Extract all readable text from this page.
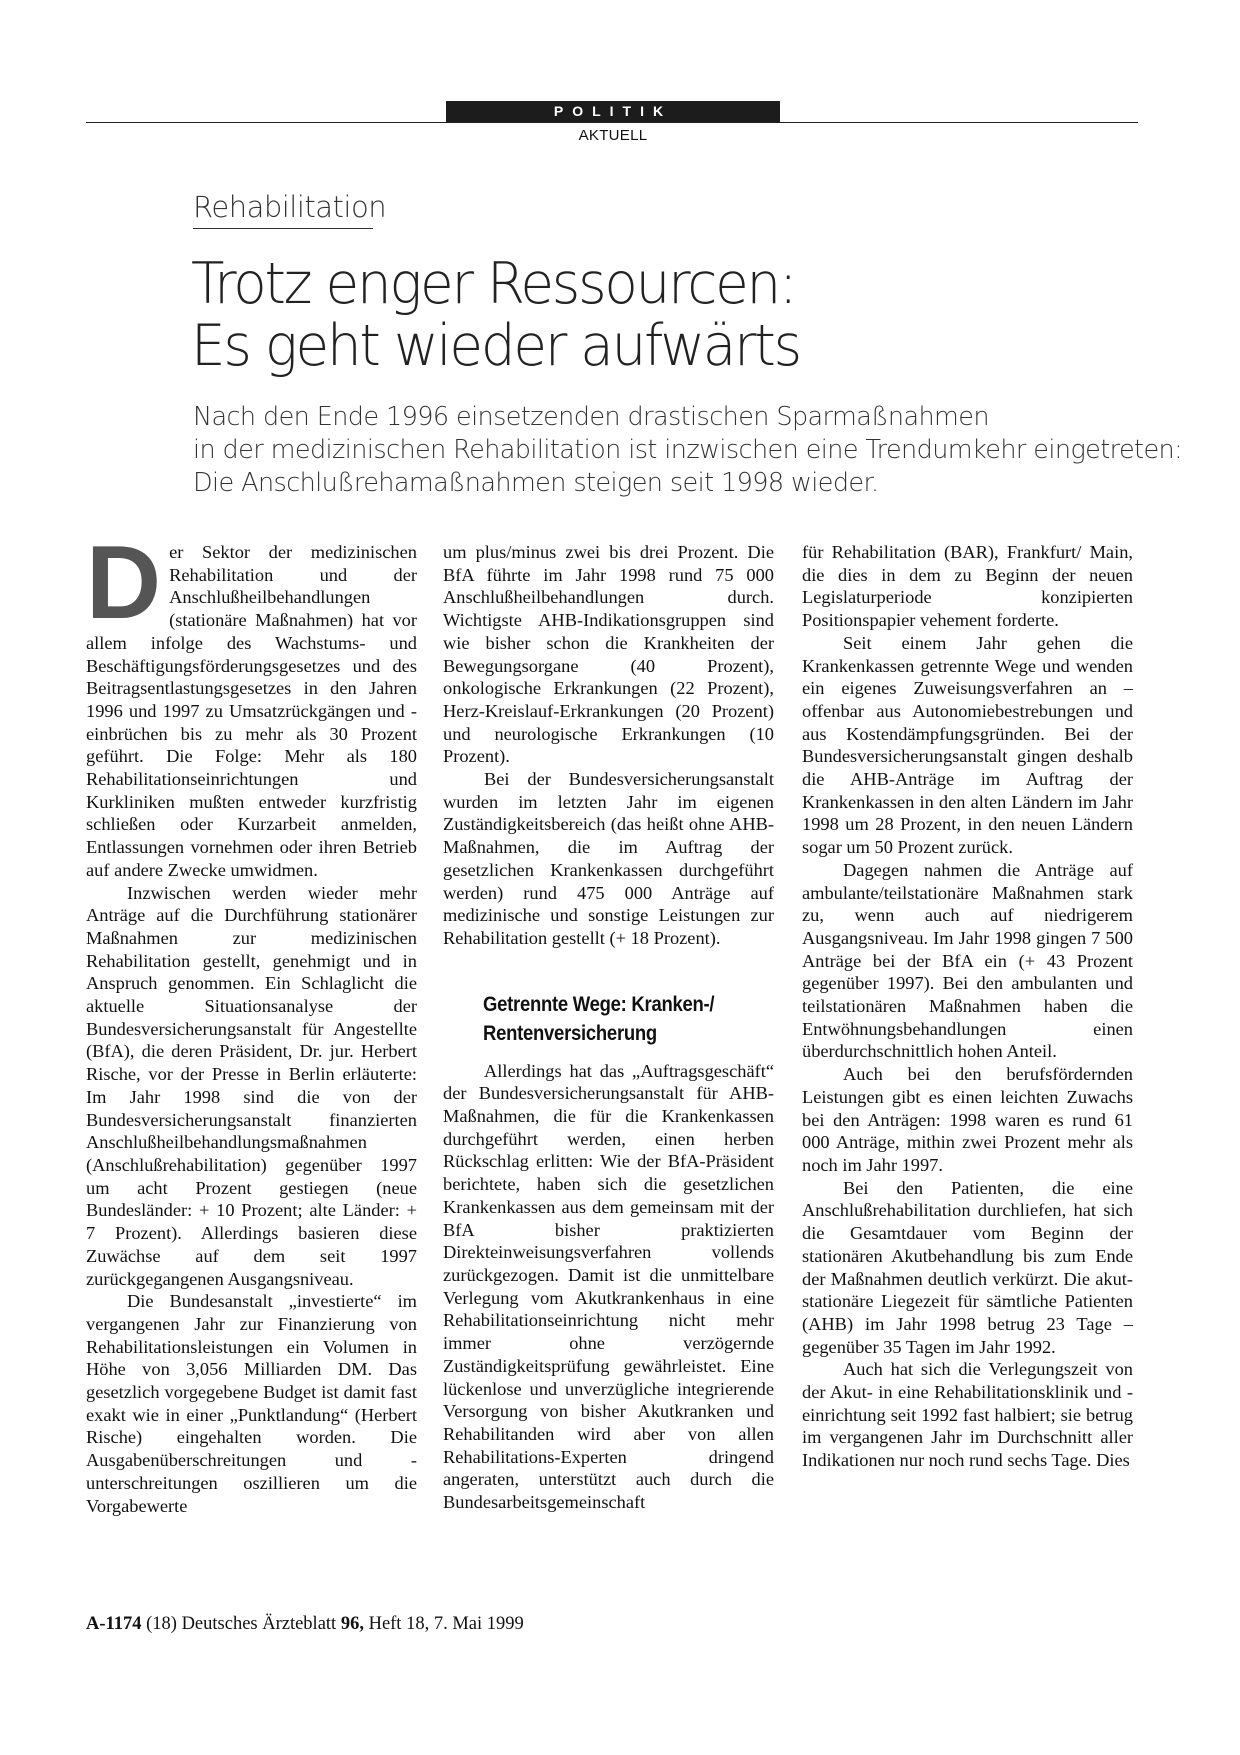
POLITIK
AKTUELL
Rehabilitation
Trotz enger Ressourcen:
Es geht wieder aufwärts
Nach den Ende 1996 einsetzenden drastischen Sparmaßnahmen
in der medizinischen Rehabilitation ist inzwischen eine Trendumkehr eingetreten:
Die Anschlußrehamaßnahmen steigen seit 1998 wieder.

Der Sektor der medizinischen Rehabilitation und der Anschlußheilbehandlungen (stationäre Maßnahmen) hat vor allem infolge des Wachstums- und Beschäftigungsförderungsgesetzes und des Beitragsentlastungsgesetzes in den Jahren 1996 und 1997 zu Umsatzrückgängen und -einbrüchen bis zu mehr als 30 Prozent geführt. Die Folge: Mehr als 180 Rehabilitationseinrichtungen und Kurkliniken mußten entweder kurzfristig schließen oder Kurzarbeit anmelden, Entlassungen vornehmen oder ihren Betrieb auf andere Zwecke umwidmen.

Inzwischen werden wieder mehr Anträge auf die Durchführung stationärer Maßnahmen zur medizinischen Rehabilitation gestellt, genehmigt und in Anspruch genommen. Ein Schlaglicht die aktuelle Situationsanalyse der Bundesversicherungsanstalt für Angestellte (BfA), die deren Präsident, Dr. jur. Herbert Rische, vor der Presse in Berlin erläuterte: Im Jahr 1998 sind die von der Bundesversicherungsanstalt finanzierten Anschlußheilbehandlungsmaßnahmen (Anschlußrehabilitation) gegenüber 1997 um acht Prozent gestiegen (neue Bundesländer: + 10 Prozent; alte Länder: + 7 Prozent). Allerdings basieren diese Zuwächse auf dem seit 1997 zurückgegangenen Ausgangsniveau.

Die Bundesanstalt „investierte“ im vergangenen Jahr zur Finanzierung von Rehabilitationsleistungen ein Volumen in Höhe von 3,056 Milliarden DM. Das gesetzlich vorgegebene Budget ist damit fast exakt wie in einer „Punktlandung“ (Herbert Rische) eingehalten worden. Die Ausgabenüberschreitungen und -unterschreitungen oszillieren um die Vorgabewerte

um plus/minus zwei bis drei Prozent. Die BfA führte im Jahr 1998 rund 75 000 Anschlußheilbehandlungen durch. Wichtigste AHB-Indikationsgruppen sind wie bisher schon die Krankheiten der Bewegungsorgane (40 Prozent), onkologische Erkrankungen (22 Prozent), Herz-Kreislauf-Erkrankungen (20 Prozent) und neurologische Erkrankungen (10 Prozent).

Bei der Bundesversicherungsanstalt wurden im letzten Jahr im eigenen Zuständigkeitsbereich (das heißt ohne AHB-Maßnahmen, die im Auftrag der gesetzlichen Krankenkassen durchgeführt werden) rund 475 000 Anträge auf medizinische und sonstige Leistungen zur Rehabilitation gestellt (+ 18 Prozent).

Getrennte Wege: Kranken-/
Rentenversicherung

Allerdings hat das „Auftragsgeschäft“ der Bundesversicherungsanstalt für AHB-Maßnahmen, die für die Krankenkassen durchgeführt werden, einen herben Rückschlag erlitten: Wie der BfA-Präsident berichtete, haben sich die gesetzlichen Krankenkassen aus dem gemeinsam mit der BfA bisher praktizierten Direkteinweisungsverfahren vollends zurückgezogen. Damit ist die unmittelbare Verlegung vom Akutkrankenhaus in eine Rehabilitationseinrichtung nicht mehr immer ohne verzögernde Zuständigkeitsprüfung gewährleistet. Eine lückenlose und unverzügliche integrierende Versorgung von bisher Akutkranken und Rehabilitanden wird aber von allen Rehabilitations-Experten dringend angeraten, unterstützt auch durch die Bundesarbeitsgemeinschaft

für Rehabilitation (BAR), Frankfurt/ Main, die dies in dem zu Beginn der neuen Legislaturperiode konzipierten Positionspapier vehement forderte.

Seit einem Jahr gehen die Krankenkassen getrennte Wege und wenden ein eigenes Zuweisungsverfahren an – offenbar aus Autonomiebestrebungen und aus Kostendämpfungsgründen. Bei der Bundesversicherungsanstalt gingen deshalb die AHB-Anträge im Auftrag der Krankenkassen in den alten Ländern im Jahr 1998 um 28 Prozent, in den neuen Ländern sogar um 50 Prozent zurück.

Dagegen nahmen die Anträge auf ambulante/teilstationäre Maßnahmen stark zu, wenn auch auf niedrigerem Ausgangsniveau. Im Jahr 1998 gingen 7 500 Anträge bei der BfA ein (+ 43 Prozent gegenüber 1997). Bei den ambulanten und teilstationären Maßnahmen haben die Entwöhnungsbehandlungen einen überdurchschnittlich hohen Anteil.

Auch bei den berufsfördernden Leistungen gibt es einen leichten Zuwachs bei den Anträgen: 1998 waren es rund 61 000 Anträge, mithin zwei Prozent mehr als noch im Jahr 1997.

Bei den Patienten, die eine Anschlußrehabilitation durchliefen, hat sich die Gesamtdauer vom Beginn der stationären Akutbehandlung bis zum Ende der Maßnahmen deutlich verkürzt. Die akut-stationäre Liegezeit für sämtliche Patienten (AHB) im Jahr 1998 betrug 23 Tage – gegenüber 35 Tagen im Jahr 1992.

Auch hat sich die Verlegungszeit von der Akut- in eine Rehabilitationsklinik und -einrichtung seit 1992 fast halbiert; sie betrug im vergangenen Jahr im Durchschnitt aller Indikationen nur noch rund sechs Tage. Dies

A-1174 (18) Deutsches Ärzteblatt 96, Heft 18, 7. Mai 1999
